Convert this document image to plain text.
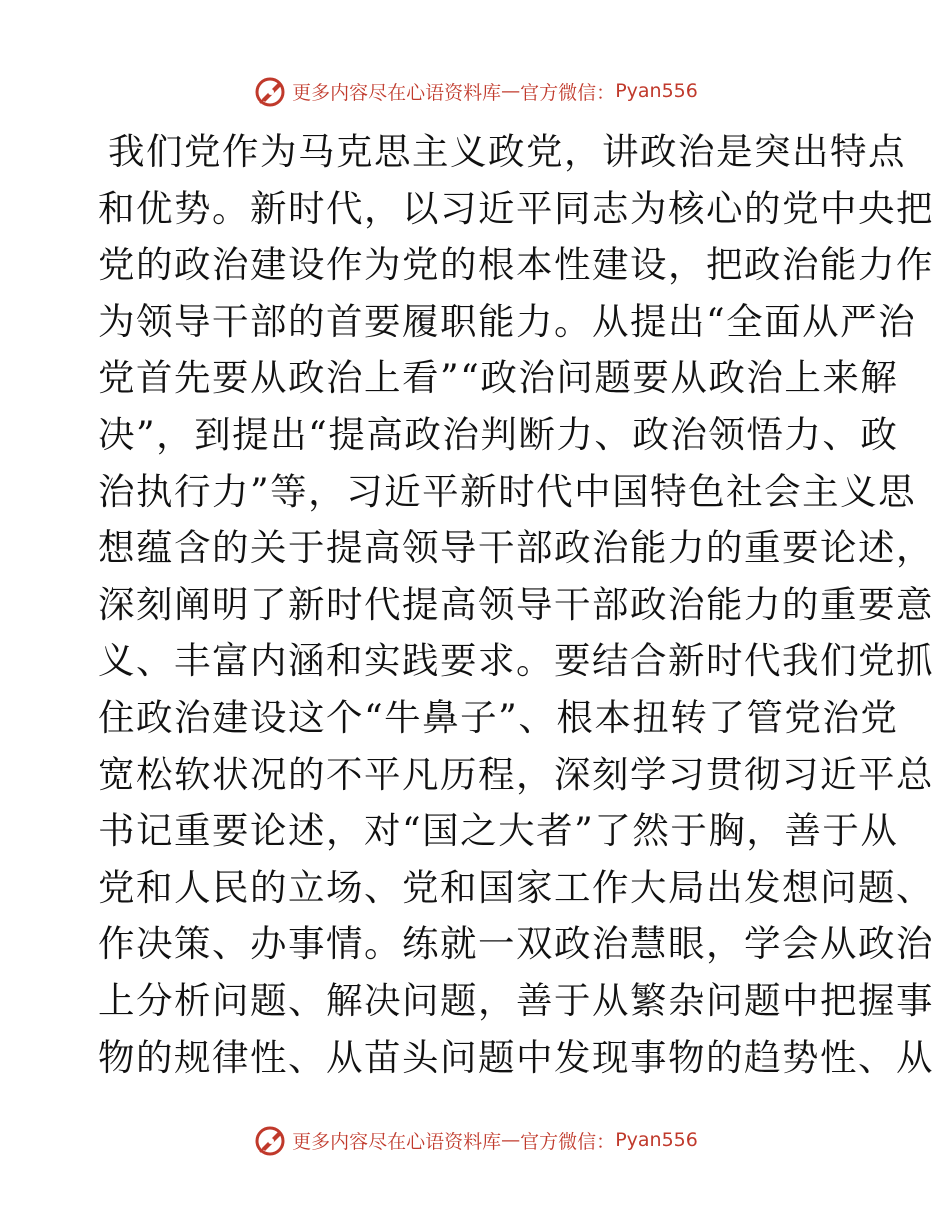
更多内容尽在心语资料库 — 官方微信： Pyan556
我们党作为马克思主义政党，讲政治是突出特点
和优势。新时代，以习近平同志为核心的党中央把
党的政治建设作为党的根本性建设，把政治能力作
为领导干部的首要履职能力。从提出“全面从严治
党首先要从政治上看”“政治问题要从政治上来解
决”，到提出“提高政治判断力、政治领悟力、政
治执行力”等，习近平新时代中国特色社会主义思
想蕴含的关于提高领导干部政治能力的重要论述，
深刻阐明了新时代提高领导干部政治能力的重要意
义、丰富内涵和实践要求。要结合新时代我们党抓
住政治建设这个“牛鼻子”、根本扭转了管党治党
宽松软状况的不平凡历程，深刻学习贯彻习近平总
书记重要论述，对“国之大者”了然于胸，善于从
党和人民的立场、党和国家工作大局出发想问题、
作决策、办事情。练就一双政治慧眼，学会从政治
上分析问题、解决问题，善于从繁杂问题中把握事
物的规律性、从苗头问题中发现事物的趋势性、从
更多内容尽在心语资料库 — 官方微信： Pyan556
